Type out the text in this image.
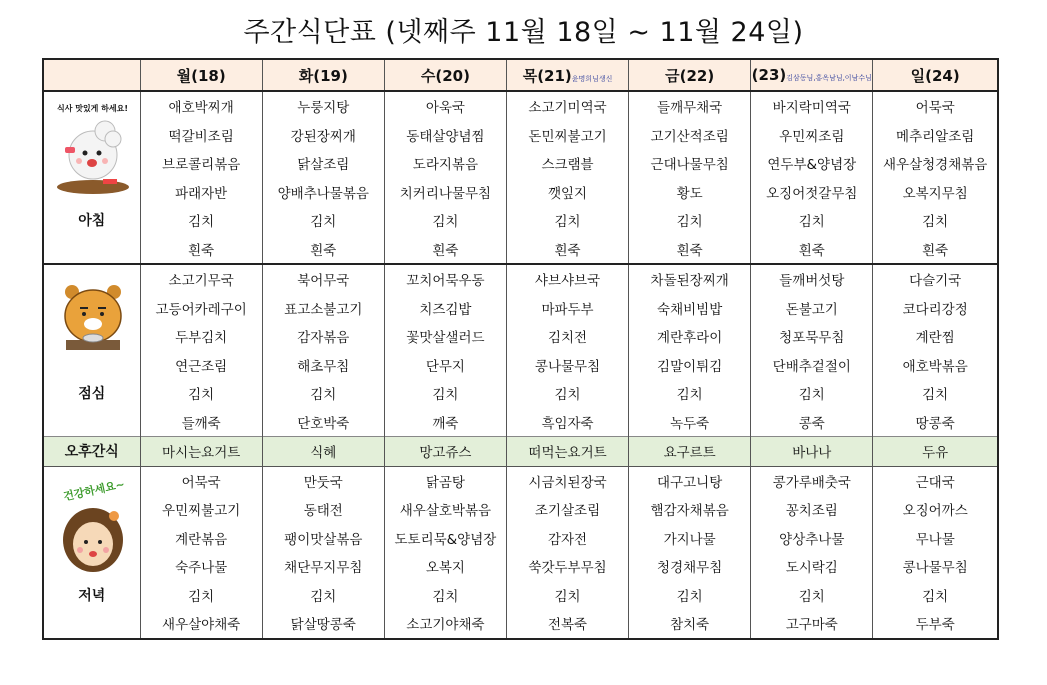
주간식단표 (넷째주 11월 18일 ~ 11월 24일)
	월(18)	화(19)	수(20)	목(21)윤명희님생신	금(22)	(23)김삼동님,홍옥남님,이남수님	일(24)

식사 맛있게 하세요!	애호박찌개	누룽지탕	아욱국	소고기미역국	들깨무채국	바지락미역국	어묵국
	떡갈비조림	강된장찌개	동태살양념찜	돈민찌불고기	고기산적조림	우민찌조림	메추리알조림
	브로콜리볶음	닭살조림	도라지볶음	스크램블	근대나물무침	연두부&양념장	새우살청경채볶음
	파래자반	양배추나물볶음	치커리나물무침	깻잎지	황도	오징어젓갈무침	오복지무침
아침	김치	김치	김치	김치	김치	김치	김치
	흰죽	흰죽	흰죽	흰죽	흰죽	흰죽	흰죽

	소고기무국	북어무국	꼬치어묵우동	샤브샤브국	차돌된장찌개	들깨버섯탕	다슬기국
	고등어카레구이	표고소불고기	치즈김밥	마파두부	숙채비빔밥	돈불고기	코다리강정
	두부김치	감자볶음	꽃맛살샐러드	김치전	계란후라이	청포묵무침	계란찜
	연근조림	해초무침	단무지	콩나물무침	김말이튀김	단배추겉절이	애호박볶음
점심	김치	김치	김치	김치	김치	김치	김치
	들깨죽	단호박죽	깨죽	흑임자죽	녹두죽	콩죽	땅콩죽
오후간식	마시는요거트	식혜	망고쥬스	떠먹는요거트	요구르트	바나나	두유

건강하세요~	어묵국	만둣국	닭곰탕	시금치된장국	대구고니탕	콩가루배춧국	근대국
	우민찌불고기	동태전	새우살호박볶음	조기살조림	햄감자채볶음	꽁치조림	오징어까스
	계란볶음	팽이맛살볶음	도토리묵&양념장	감자전	가지나물	양상추나물	무나물
	숙주나물	채단무지무침	오복지	쑥갓두부무침	청경채무침	도시락김	콩나물무침
저녁	김치	김치	김치	김치	김치	김치	김치
	새우살야채죽	닭살땅콩죽	소고기야채죽	전복죽	참치죽	고구마죽	두부죽
